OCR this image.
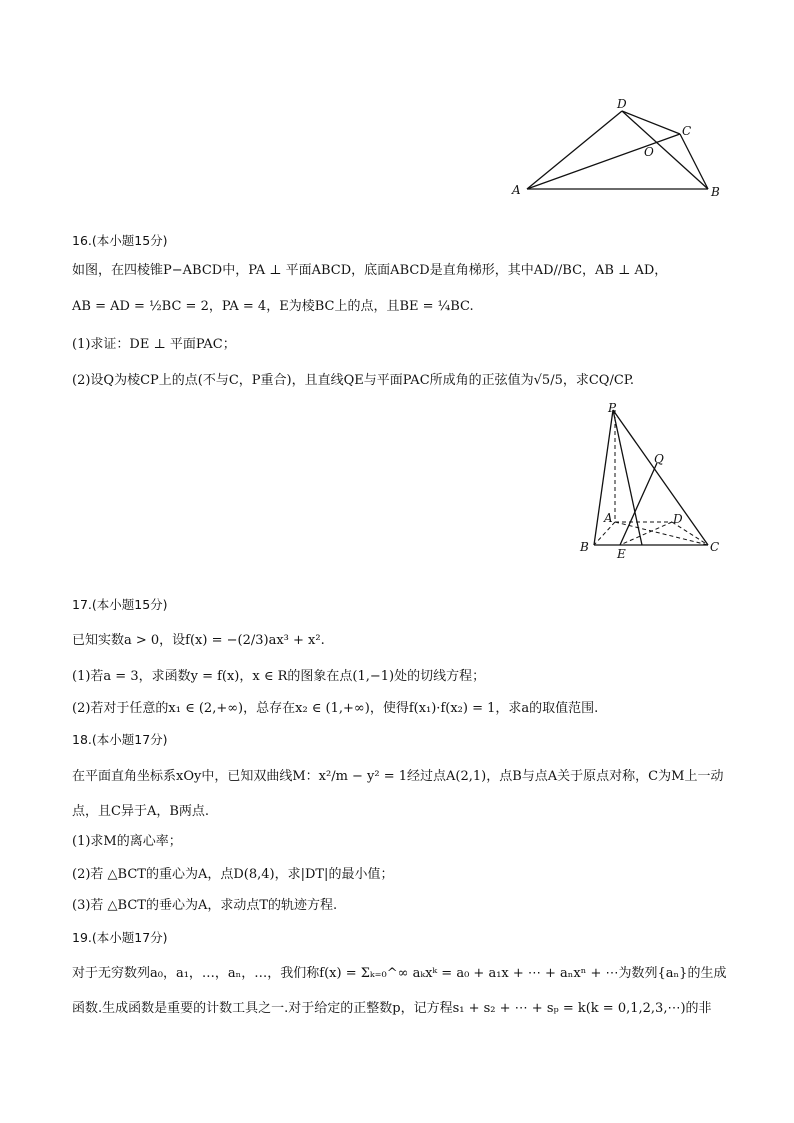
A	B
C
D
O
16.(本小题15分)
如图，在四棱锥P−ABCD中，PA ⊥ 平面ABCD，底面ABCD是直角梯形，其中AD//BC，AB ⊥ AD，
AB = AD = ½BC = 2，PA = 4，E为棱BC上的点，且BE = ¼BC.
(1)求证：DE ⊥ 平面PAC；
(2)设Q为棱CP上的点(不与C，P重合)，且直线QE与平面PAC所成角的正弦值为√5/5，求CQ/CP.
P
Q
A	D
B E	C
17.(本小题15分)
已知实数a > 0，设f(x) = −(2/3)ax³ + x².
(1)若a = 3，求函数y = f(x)，x ∈ R的图象在点(1,−1)处的切线方程；
(2)若对于任意的x₁ ∈ (2,+∞)，总存在x₂ ∈ (1,+∞)，使得f(x₁)·f(x₂) = 1，求a的取值范围.
18.(本小题17分)
在平面直角坐标系xOy中，已知双曲线M：x²/m − y² = 1经过点A(2,1)，点B与点A关于原点对称，C为M上一动
点，且C异于A，B两点.
(1)求M的离心率；
(2)若 △BCT的重心为A，点D(8,4)，求|DT|的最小值；
(3)若 △BCT的垂心为A，求动点T的轨迹方程.
19.(本小题17分)
对于无穷数列a₀，a₁，…，aₙ，…，我们称f(x) = Σₖ₌₀^∞ aₖxᵏ = a₀ + a₁x + ⋯ + aₙxⁿ + ⋯为数列{aₙ}的生成
函数.生成函数是重要的计数工具之一.对于给定的正整数p，记方程s₁ + s₂ + ⋯ + sₚ = k(k = 0,1,2,3,⋯)的非
